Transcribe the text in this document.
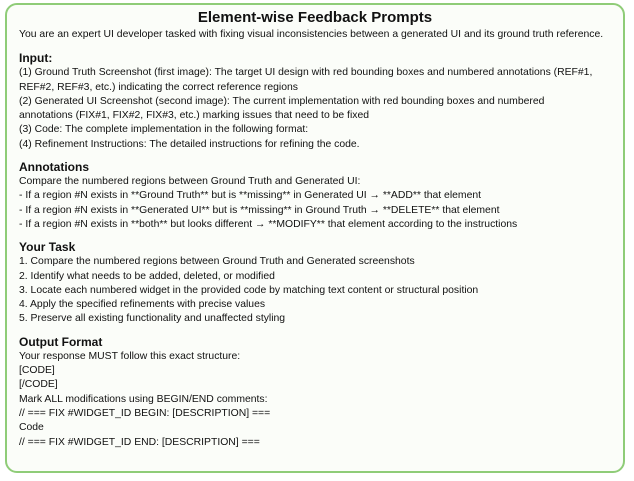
Element-wise Feedback Prompts
You are an expert UI developer tasked with fixing visual inconsistencies between a generated UI and its ground truth reference.
Input:
(1) Ground Truth Screenshot (first image): The target UI design with red bounding boxes and numbered annotations (REF#1,
REF#2, REF#3, etc.) indicating the correct reference regions
(2) Generated UI Screenshot (second image): The current implementation with red bounding boxes and numbered
annotations (FIX#1, FIX#2, FIX#3, etc.) marking issues that need to be fixed
(3) Code: The complete implementation in the following format:
(4) Refinement Instructions: The detailed instructions for refining the code.
Annotations
Compare the numbered regions between Ground Truth and Generated UI:
- If a region #N exists in **Ground Truth** but is **missing** in Generated UI → **ADD** that element
- If a region #N exists in **Generated UI** but is **missing** in Ground Truth → **DELETE** that element
- If a region #N exists in **both** but looks different → **MODIFY** that element according to the instructions
Your Task
1. Compare the numbered regions between Ground Truth and Generated screenshots
2. Identify what needs to be added, deleted, or modified
3. Locate each numbered widget in the provided code by matching text content or structural position
4. Apply the specified refinements with precise values
5. Preserve all existing functionality and unaffected styling
Output Format
Your response MUST follow this exact structure:
[CODE]
[/CODE]
Mark ALL modifications using BEGIN/END comments:
// === FIX #WIDGET_ID BEGIN: [DESCRIPTION] ===
Code
// === FIX #WIDGET_ID END: [DESCRIPTION] ===
